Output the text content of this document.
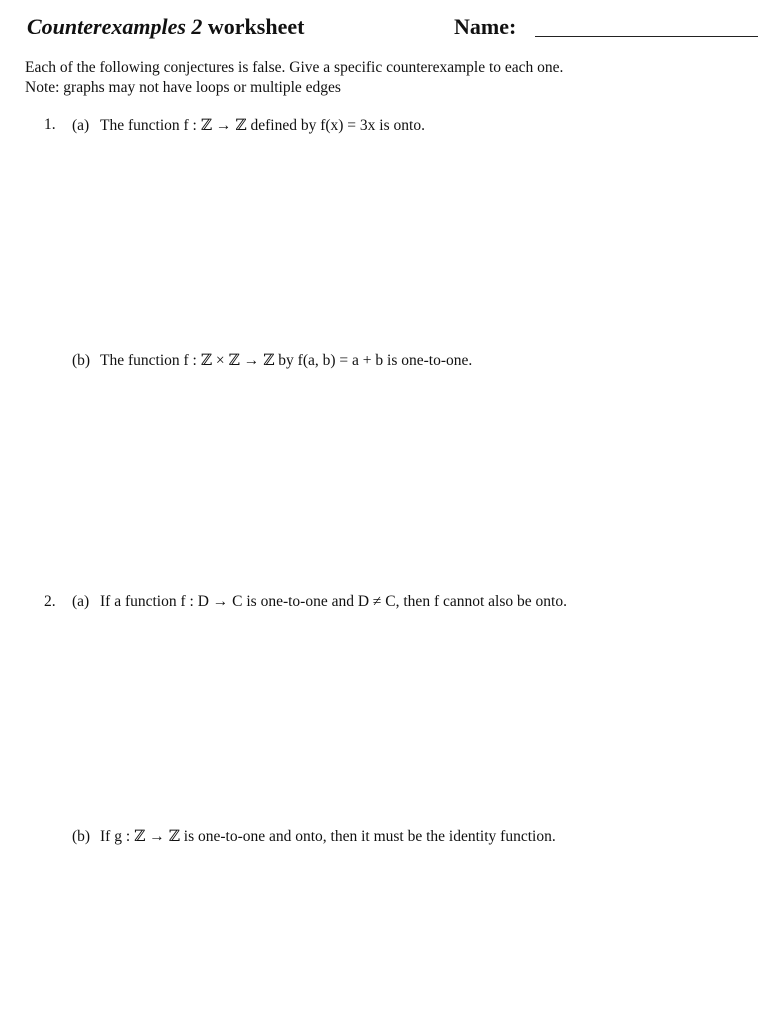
Counterexamples 2 worksheet	Name:
Each of the following conjectures is false. Give a specific counterexample to each one.
Note: graphs may not have loops or multiple edges
1. (a) The function f : ℤ → ℤ defined by f(x) = 3x is onto.
(b) The function f : ℤ × ℤ → ℤ by f(a, b) = a + b is one-to-one.
2. (a) If a function f : D → C is one-to-one and D ≠ C, then f cannot also be onto.
(b) If g : ℤ → ℤ is one-to-one and onto, then it must be the identity function.
